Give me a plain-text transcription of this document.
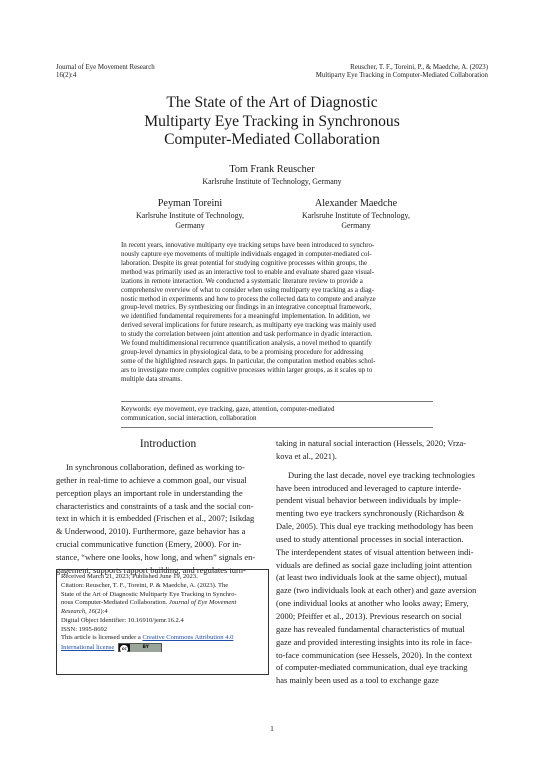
Journal of Eye Movement Research
16(2):4
Reuscher, T. F., Toreini, P., & Maedche, A. (2023)
Multiparty Eye Tracking in Computer-Mediated Collaboration
The State of the Art of Diagnostic
Multiparty Eye Tracking in Synchronous
Computer-Mediated Collaboration
Tom Frank Reuscher
Karlsruhe Institute of Technology, Germany
Peyman Toreini
Karlsruhe Institute of Technology,
Germany
Alexander Maedche
Karlsruhe Institute of Technology,
Germany
In recent years, innovative multiparty eye tracking setups have been introduced to synchro-
nously capture eye movements of multiple individuals engaged in computer-mediated col-
laboration. Despite its great potential for studying cognitive processes within groups, the
method was primarily used as an interactive tool to enable and evaluate shared gaze visual-
izations in remote interaction. We conducted a systematic literature review to provide a
comprehensive overview of what to consider when using multiparty eye tracking as a diag-
nostic method in experiments and how to process the collected data to compute and analyze
group-level metrics. By synthesizing our findings in an integrative conceptual framework,
we identified fundamental requirements for a meaningful implementation. In addition, we
derived several implications for future research, as multiparty eye tracking was mainly used
to study the correlation between joint attention and task performance in dyadic interaction.
We found multidimensional recurrence quantification analysis, a novel method to quantify
group-level dynamics in physiological data, to be a promising procedure for addressing
some of the highlighted research gaps. In particular, the computation method enables schol-
ars to investigate more complex cognitive processes within larger groups, as it scales up to
multiple data streams.
Keywords: eye movement, eye tracking, gaze, attention, computer-mediated
communication, social interaction, collaboration
Introduction
In synchronous collaboration, defined as working to-
gether in real-time to achieve a common goal, our visual
perception plays an important role in understanding the
characteristics and constraints of a task and the social con-
text in which it is embedded (Frischen et al., 2007; Isikdag
& Underwood, 2010). Furthermore, gaze behavior has a
crucial communicative function (Emery, 2000). For in-
stance, “where one looks, how long, and when” signals en-
gagement, supports rapport building, and regulates turn-
Received March 21, 2023; Published June 19, 2023.
Citation: Reuscher, T. F., Toreini, P. & Maedche, A. (2023). The
State of the Art of Diagnostic Multiparty Eye Tracking in Synchro-
nous Computer-Mediated Collaboration. Journal of Eye Movement
Research, 16(2):4
Digital Object Identifier: 10.16910/jemr.16.2.4
ISSN: 1995-8692
This article is licensed under a Creative Commons Attribution 4.0
International license	cc	BY
taking in natural social interaction (Hessels, 2020; Vrza-
kova et al., 2021).
During the last decade, novel eye tracking technologies
have been introduced and leveraged to capture interde-
pendent visual behavior between individuals by imple-
menting two eye trackers synchronously (Richardson &
Dale, 2005). This dual eye tracking methodology has been
used to study attentional processes in social interaction.
The interdependent states of visual attention between indi-
viduals are defined as social gaze including joint attention
(at least two individuals look at the same object), mutual
gaze (two individuals look at each other) and gaze aversion
(one individual looks at another who looks away; Emery,
2000; Pfeiffer et al., 2013). Previous research on social
gaze has revealed fundamental characteristics of mutual
gaze and provided interesting insights into its role in face-
to-face communication (see Hessels, 2020). In the context
of computer-mediated communication, dual eye tracking
has mainly been used as a tool to exchange gaze
1
